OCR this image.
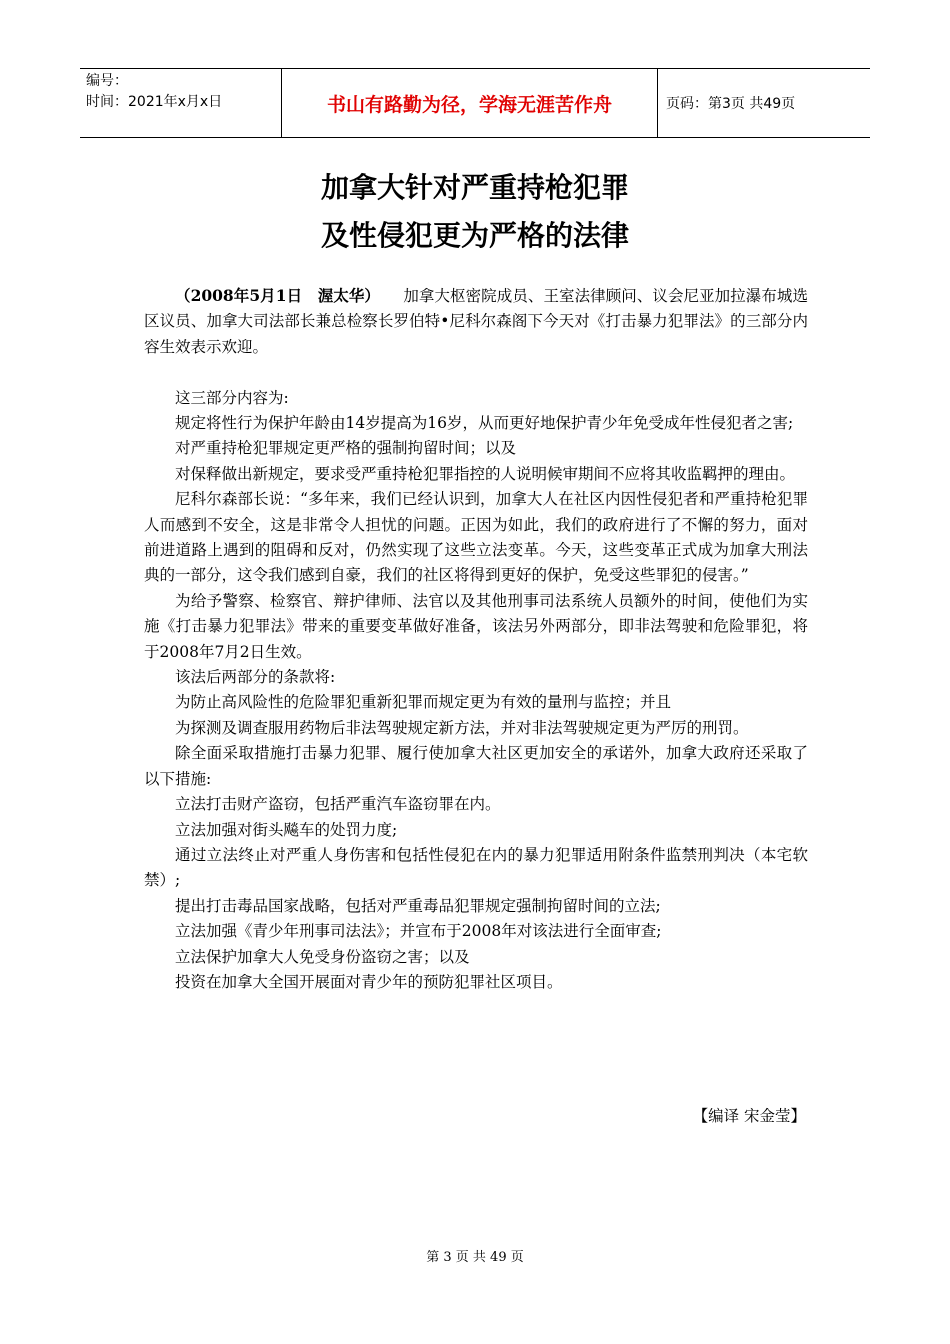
编号：
时间：2021年x月x日	书山有路勤为径，学海无涯苦作舟	页码：第3页 共49页
加拿大针对严重持枪犯罪
及性侵犯更为严格的法律

（2008年5月1日　渥太华）　　加拿大枢密院成员、王室法律顾问、议会尼亚加拉瀑布城选区议员、加拿大司法部长兼总检察长罗伯特•尼科尔森阁下今天对《打击暴力犯罪法》的三部分内容生效表示欢迎。

这三部分内容为:

规定将性行为保护年龄由14岁提高为16岁，从而更好地保护青少年免受成年性侵犯者之害;

对严重持枪犯罪规定更严格的强制拘留时间；以及

对保释做出新规定，要求受严重持枪犯罪指控的人说明候审期间不应将其收监羁押的理由。

尼科尔森部长说：“多年来，我们已经认识到，加拿大人在社区内因性侵犯者和严重持枪犯罪人而感到不安全，这是非常令人担忧的问题。正因为如此，我们的政府进行了不懈的努力，面对前进道路上遇到的阻碍和反对，仍然实现了这些立法变革。今天，这些变革正式成为加拿大刑法典的一部分，这令我们感到自豪，我们的社区将得到更好的保护，免受这些罪犯的侵害。”

为给予警察、检察官、辩护律师、法官以及其他刑事司法系统人员额外的时间，使他们为实施《打击暴力犯罪法》带来的重要变革做好准备，该法另外两部分，即非法驾驶和危险罪犯，将于2008年7月2日生效。

该法后两部分的条款将:

为防止高风险性的危险罪犯重新犯罪而规定更为有效的量刑与监控；并且

为探测及调查服用药物后非法驾驶规定新方法，并对非法驾驶规定更为严厉的刑罚。

除全面采取措施打击暴力犯罪、履行使加拿大社区更加安全的承诺外，加拿大政府还采取了以下措施:

立法打击财产盗窃，包括严重汽车盗窃罪在内。

立法加强对街头飚车的处罚力度;

通过立法终止对严重人身伤害和包括性侵犯在内的暴力犯罪适用附条件监禁刑判决（本宅软禁）;

提出打击毒品国家战略，包括对严重毒品犯罪规定强制拘留时间的立法;

立法加强《青少年刑事司法法》；并宣布于2008年对该法进行全面审查;

立法保护加拿大人免受身份盗窃之害；以及

投资在加拿大全国开展面对青少年的预防犯罪社区项目。

【编译 宋金莹】
第 3 页 共 49 页
